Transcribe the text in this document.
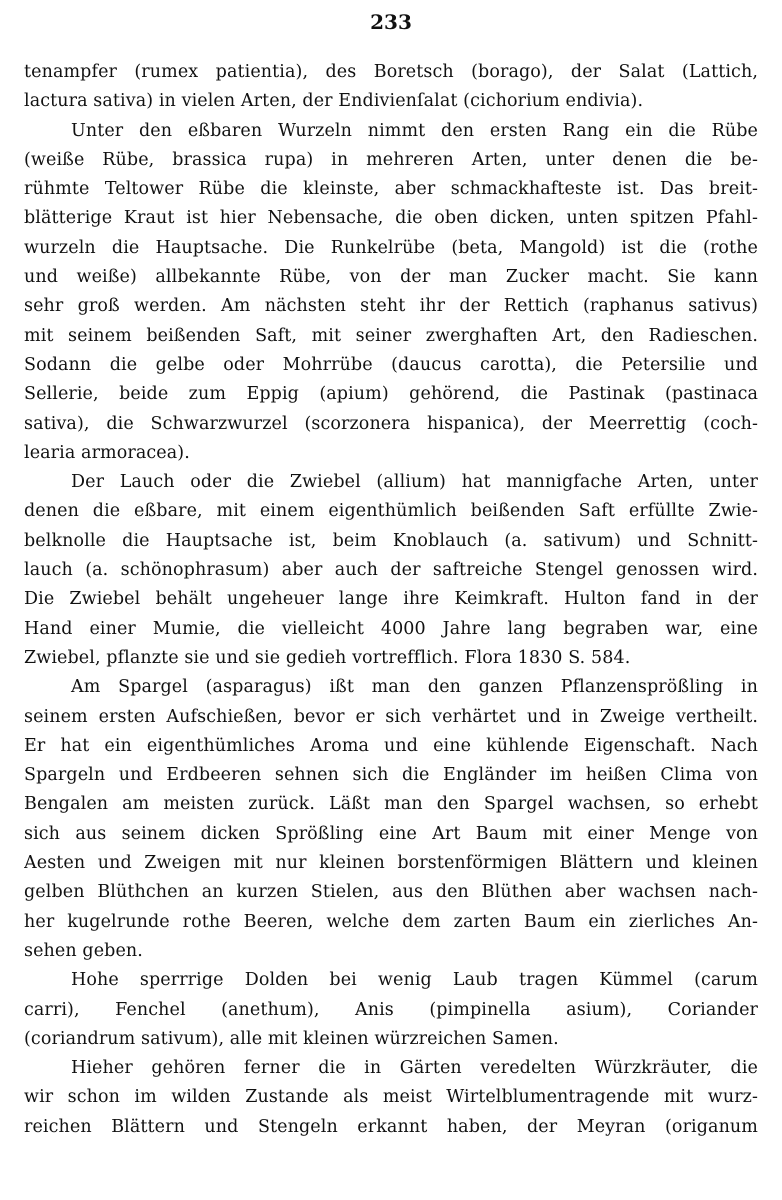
233
tenampfer (rumex patientia), des Boretsch (borago), der Salat (Lattich,
lactura sativa) in vielen Arten, der Endivienſalat (cichorium endivia).
Unter den eßbaren Wurzeln nimmt den ersten Rang ein die Rübe
(weiße Rübe, brassica rupa) in mehreren Arten, unter denen die be-
rühmte Teltower Rübe die kleinste, aber schmackhafteste ist. Das breit-
blätterige Kraut ist hier Nebensache, die oben dicken, unten spitzen Pfahl-
wurzeln die Hauptsache. Die Runkelrübe (beta, Mangold) ist die (rothe
und weiße) allbekannte Rübe, von der man Zucker macht. Sie kann
sehr groß werden. Am nächsten steht ihr der Rettich (raphanus sativus)
mit seinem beißenden Saft, mit seiner zwerghaften Art, den Radieschen.
Sodann die gelbe oder Mohrrübe (daucus carotta), die Petersilie und
Sellerie, beide zum Eppig (apium) gehörend, die Pastinak (pastinaca
sativa), die Schwarzwurzel (scorzonera hispanica), der Meerrettig (coch-
learia armoracea).
Der Lauch oder die Zwiebel (allium) hat mannigfache Arten, unter
denen die eßbare, mit einem eigenthümlich beißenden Saft erfüllte Zwie-
belknolle die Hauptsache ist, beim Knoblauch (a. sativum) und Schnitt-
lauch (a. schönophrasum) aber auch der saftreiche Stengel genossen wird.
Die Zwiebel behält ungeheuer lange ihre Keimkraft. Hulton fand in der
Hand einer Mumie, die vielleicht 4000 Jahre lang begraben war, eine
Zwiebel, pflanzte sie und sie gedieh vortrefflich. Flora 1830 S. 584.
Am Spargel (asparagus) ißt man den ganzen Pflanzensprößling in
seinem ersten Aufschießen, bevor er sich verhärtet und in Zweige vertheilt.
Er hat ein eigenthümliches Aroma und eine kühlende Eigenschaft. Nach
Spargeln und Erdbeeren sehnen sich die Engländer im heißen Clima von
Bengalen am meisten zurück. Läßt man den Spargel wachsen, so erhebt
sich aus seinem dicken Sprößling eine Art Baum mit einer Menge von
Aesten und Zweigen mit nur kleinen borstenförmigen Blättern und kleinen
gelben Blüthchen an kurzen Stielen, aus den Blüthen aber wachsen nach-
her kugelrunde rothe Beeren, welche dem zarten Baum ein zierliches An-
sehen geben.
Hohe sperrrige Dolden bei wenig Laub tragen Kümmel (carum
carri), Fenchel (anethum), Anis (pimpinella asium), Coriander
(coriandrum sativum), alle mit kleinen würzreichen Samen.
Hieher gehören ferner die in Gärten veredelten Würzkräuter, die
wir schon im wilden Zustande als meist Wirtelblumentragende mit wurz-
reichen Blättern und Stengeln erkannt haben, der Meyran (origanum
